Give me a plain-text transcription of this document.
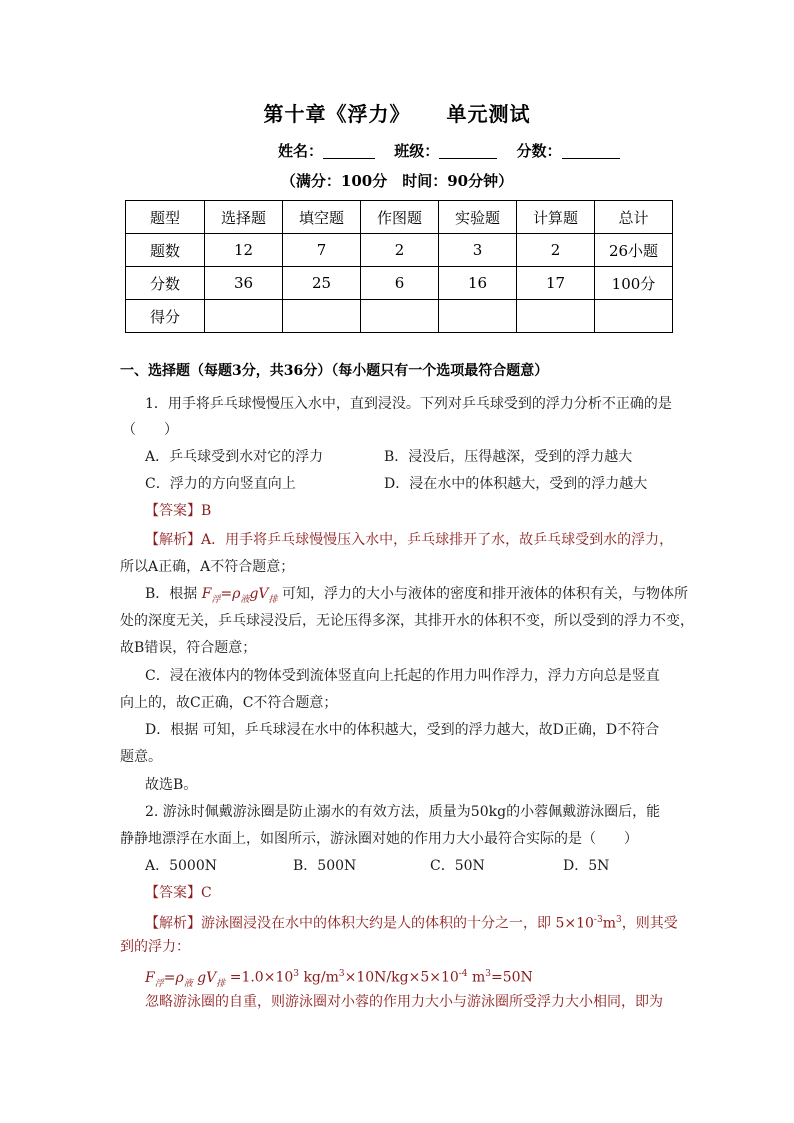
第十章《浮力》 单元测试
姓名：	班级：	分数：
（满分：100分　时间：90分钟）
题型	选择题	填空题	作图题	实验题	计算题	总计
题数	12	7	2	3	2	26小题
分数	36	25	6	16	17	100分
得分						
一、选择题（每题3分，共36分）（每小题只有一个选项最符合题意）
1．用手将乒乓球慢慢压入水中，直到浸没。下列对乒乓球受到的浮力分析不正确的是
（　　）
A．乒乓球受到水对它的浮力	B．浸没后，压得越深，受到的浮力越大
C．浮力的方向竖直向上	D．浸在水中的体积越大，受到的浮力越大
【答案】B
【解析】A．用手将乒乓球慢慢压入水中，乒乓球排开了水，故乒乓球受到水的浮力，
所以A正确，A不符合题意；
B．根据 $F_浮=\rho_液gV_排$ 可知，浮力的大小与液体的密度和排开液体的体积有关，与物体所
处的深度无关，乒乓球浸没后，无论压得多深，其排开水的体积不变，所以受到的浮力不变，
故B错误，符合题意；
C．浸在液体内的物体受到流体竖直向上托起的作用力叫作浮力，浮力方向总是竖直
向上的，故C正确，C不符合题意；
D．根据 可知，乒乓球浸在水中的体积越大，受到的浮力越大，故D正确，D不符合
题意。
故选B。
2. 游泳时佩戴游泳圈是防止溺水的有效方法，质量为50kg的小蓉佩戴游泳圈后，能
静静地漂浮在水面上，如图所示，游泳圈对她的作用力大小最符合实际的是（　　）
A．5000N	B．500N	C．50N	D．5N
【答案】C
【解析】游泳圈浸没在水中的体积大约是人的体积的十分之一，即 $5\times 10^{-3}m^3$，则其受
到的浮力：
$F_浮=\rho_液$ $gV_排 =1.0\times 10^3$ $kg/m^3\times 10N/kg\times 5\times 10^{-4}$ $m^3=50N$
忽略游泳圈的自重，则游泳圈对小蓉的作用力大小与游泳圈所受浮力大小相同，即为
